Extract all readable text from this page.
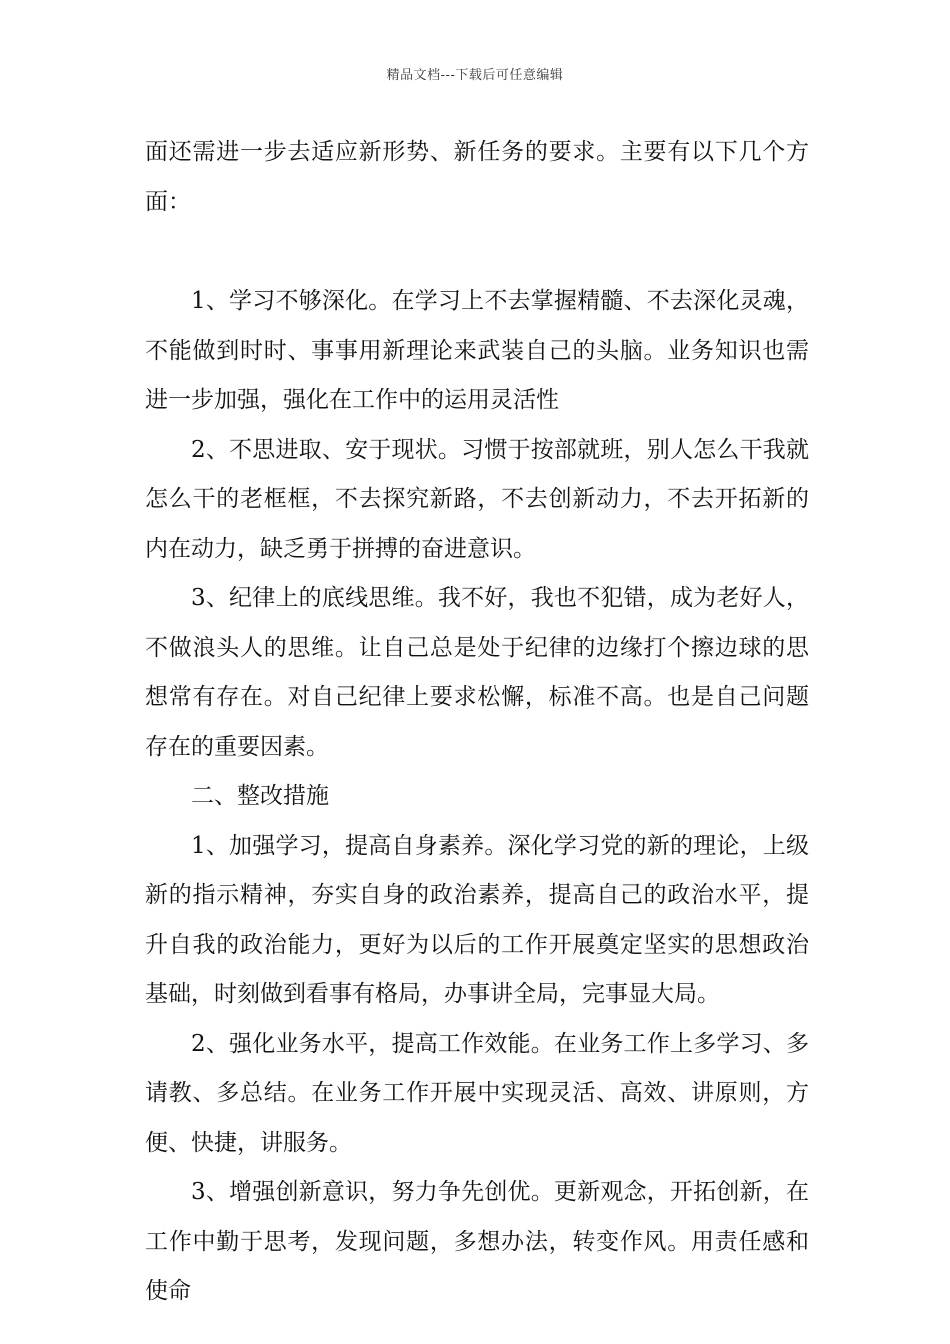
精品文档---下载后可任意编辑

面还需进一步去适应新形势、新任务的要求。主要有以下几个方面：

1、学习不够深化。在学习上不去掌握精髓、不去深化灵魂，不能做到时时、事事用新理论来武装自己的头脑。业务知识也需进一步加强，强化在工作中的运用灵活性

2、不思进取、安于现状。习惯于按部就班，别人怎么干我就怎么干的老框框，不去探究新路，不去创新动力，不去开拓新的内在动力，缺乏勇于拼搏的奋进意识。

3、纪律上的底线思维。我不好，我也不犯错，成为老好人，不做浪头人的思维。让自己总是处于纪律的边缘打个擦边球的思想常有存在。对自己纪律上要求松懈，标准不高。也是自己问题存在的重要因素。

二、整改措施

1、加强学习，提高自身素养。深化学习党的新的理论，上级新的指示精神，夯实自身的政治素养，提高自己的政治水平，提升自我的政治能力，更好为以后的工作开展奠定坚实的思想政治基础，时刻做到看事有格局，办事讲全局，完事显大局。

2、强化业务水平，提高工作效能。在业务工作上多学习、多请教、多总结。在业务工作开展中实现灵活、高效、讲原则，方便、快捷，讲服务。

3、增强创新意识，努力争先创优。更新观念，开拓创新，在工作中勤于思考，发现问题，多想办法，转变作风。用责任感和使命
